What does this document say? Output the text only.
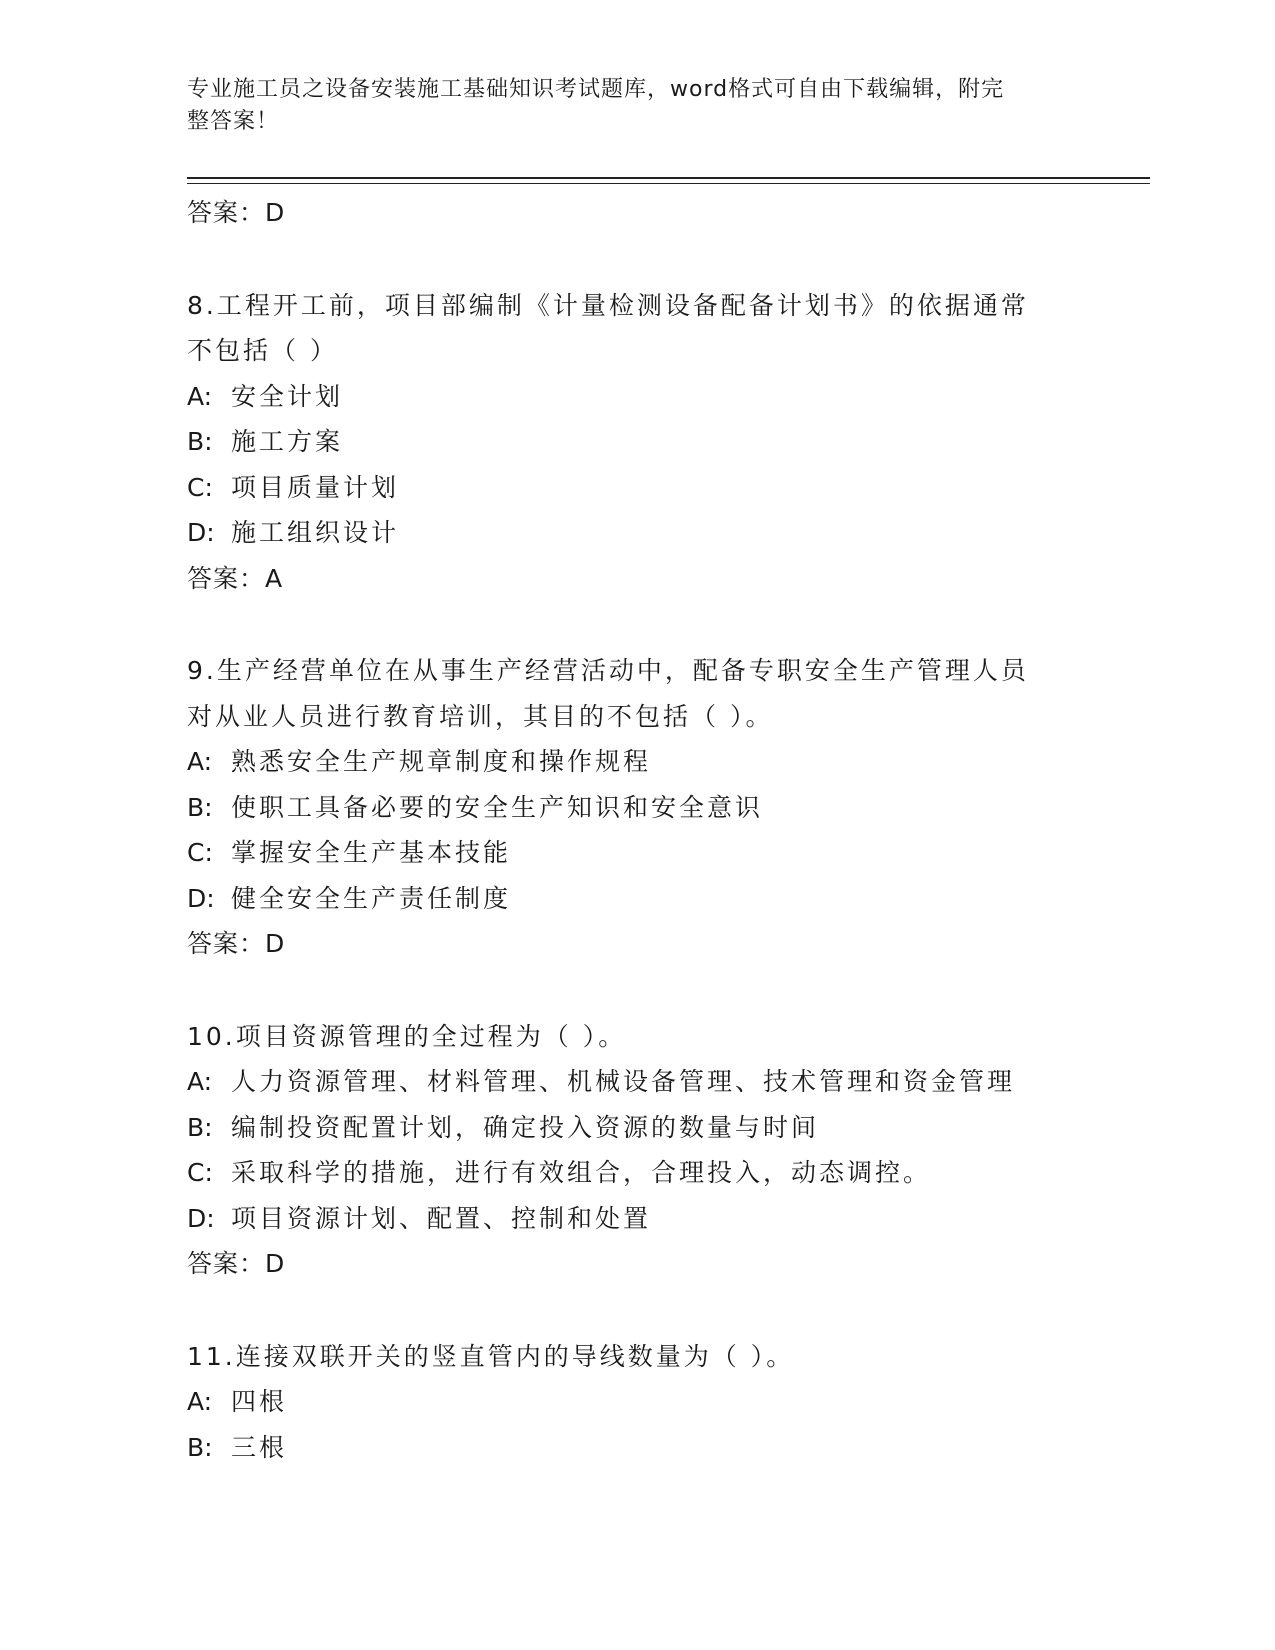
专业施工员之设备安装施工基础知识考试题库，word格式可自由下载编辑，附完
整答案！
答案：D
8.工程开工前，项目部编制《计量检测设备配备计划书》的依据通常
不包括（ ）
A: 安全计划
B: 施工方案
C: 项目质量计划
D: 施工组织设计
答案：A
9.生产经营单位在从事生产经营活动中，配备专职安全生产管理人员
对从业人员进行教育培训，其目的不包括（ ）。
A: 熟悉安全生产规章制度和操作规程
B: 使职工具备必要的安全生产知识和安全意识
C: 掌握安全生产基本技能
D: 健全安全生产责任制度
答案：D
10.项目资源管理的全过程为（ ）。
A: 人力资源管理、材料管理、机械设备管理、技术管理和资金管理
B: 编制投资配置计划，确定投入资源的数量与时间
C: 采取科学的措施，进行有效组合，合理投入，动态调控。
D: 项目资源计划、配置、控制和处置
答案：D
11.连接双联开关的竖直管内的导线数量为（ ）。
A: 四根
B: 三根
